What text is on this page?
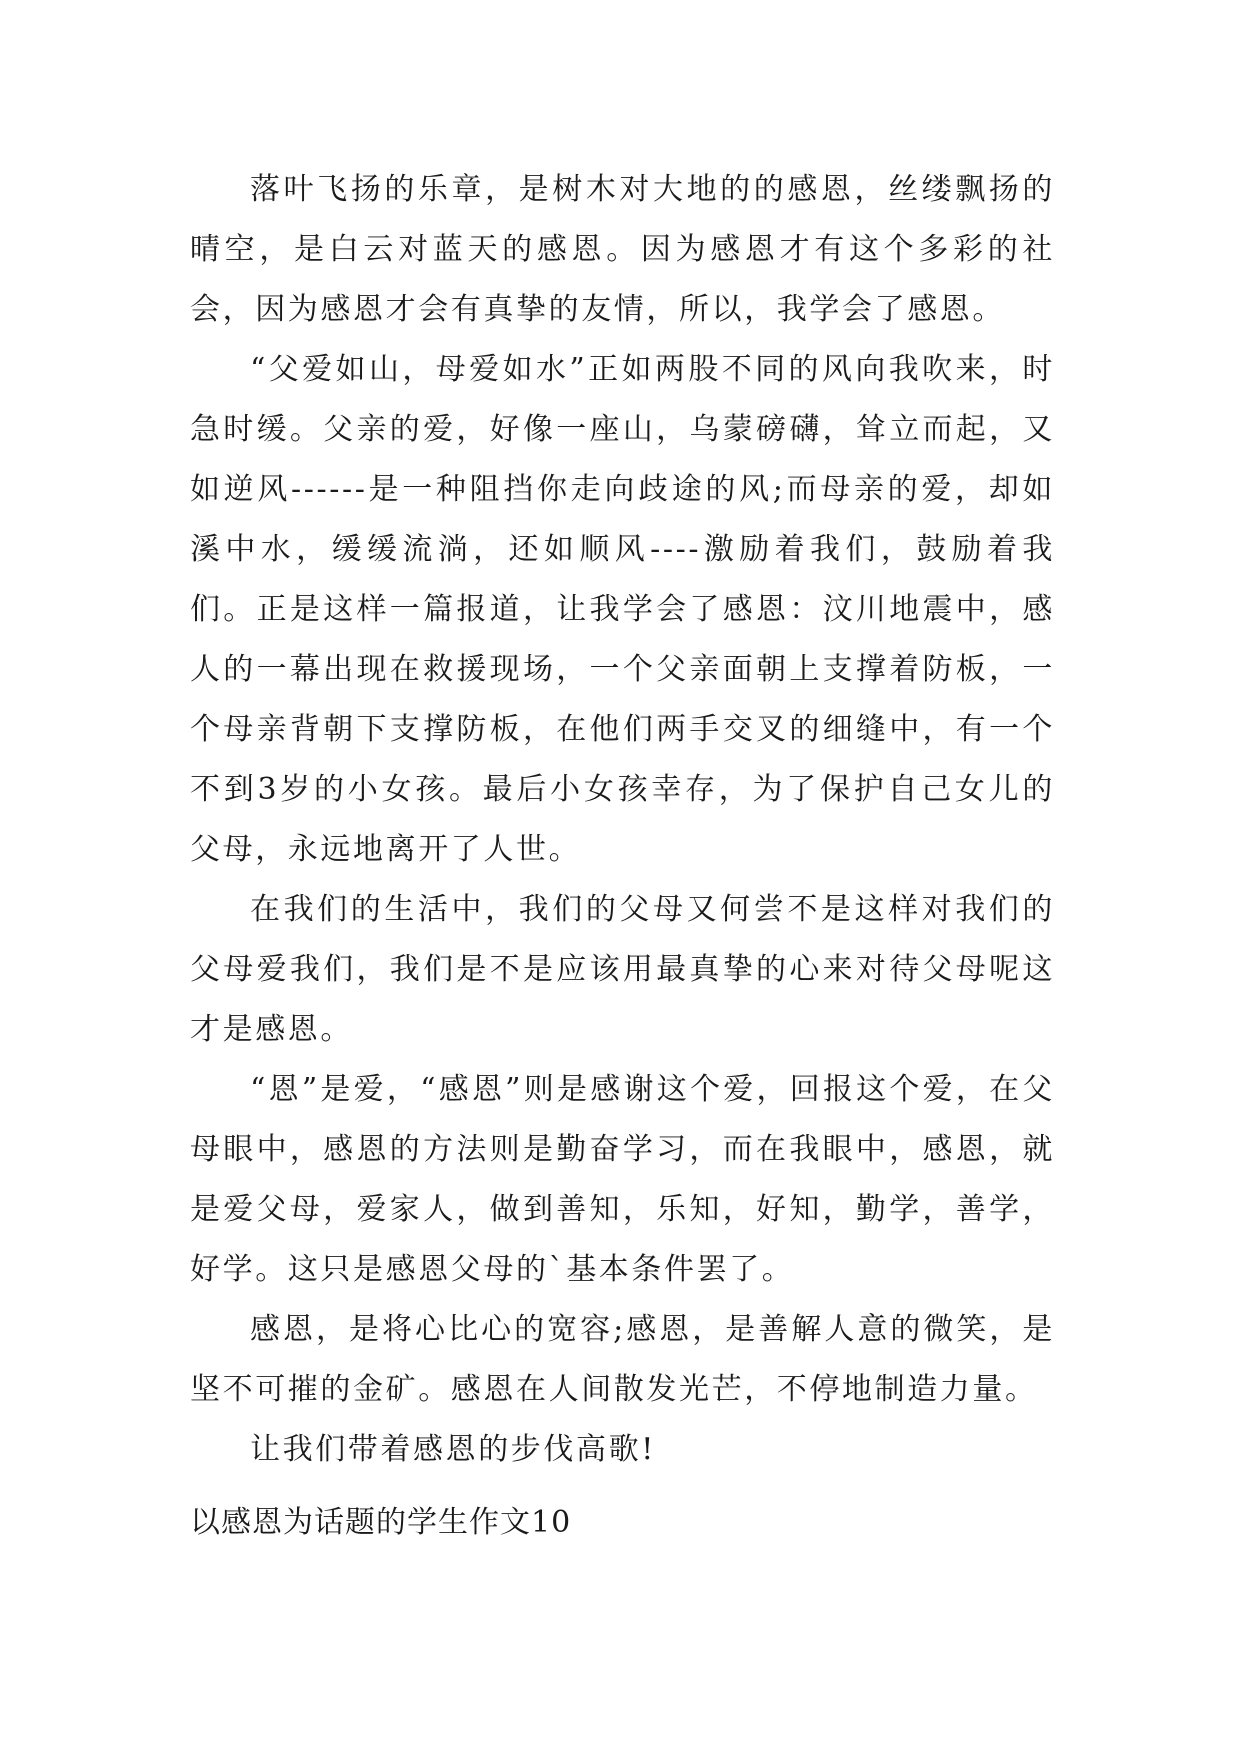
落叶飞扬的乐章，是树木对大地的的感恩，丝缕飘扬的晴空，是白云对蓝天的感恩。因为感恩才有这个多彩的社会，因为感恩才会有真挚的友情，所以，我学会了感恩。

“父爱如山，母爱如水”正如两股不同的风向我吹来，时急时缓。父亲的爱，好像一座山，乌蒙磅礴，耸立而起，又如逆风------是一种阻挡你走向歧途的风;而母亲的爱，却如溪中水，缓缓流淌，还如顺风----激励着我们，鼓励着我们。正是这样一篇报道，让我学会了感恩：汶川地震中，感人的一幕出现在救援现场，一个父亲面朝上支撑着防板，一个母亲背朝下支撑防板，在他们两手交叉的细缝中，有一个不到3岁的小女孩。最后小女孩幸存，为了保护自己女儿的父母，永远地离开了人世。

在我们的生活中，我们的父母又何尝不是这样对我们的父母爱我们，我们是不是应该用最真挚的心来对待父母呢这才是感恩。

“恩”是爱，“感恩”则是感谢这个爱，回报这个爱，在父母眼中，感恩的方法则是勤奋学习，而在我眼中，感恩，就是爱父母，爱家人，做到善知，乐知，好知，勤学，善学，好学。这只是感恩父母的`基本条件罢了。

感恩，是将心比心的宽容;感恩，是善解人意的微笑，是坚不可摧的金矿。感恩在人间散发光芒，不停地制造力量。

让我们带着感恩的步伐高歌!

以感恩为话题的学生作文10
